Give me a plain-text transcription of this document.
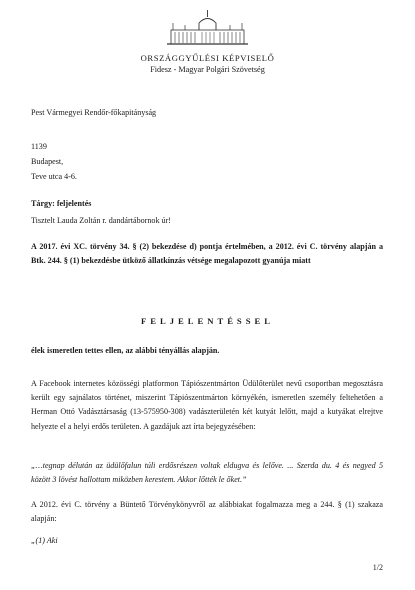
ORSZÁGGYŰLÉSI KÉPVISELŐ
Fidesz - Magyar Polgári Szövetség
Pest Vármegyei Rendőr-főkapitányság
1139
Budapest,
Teve utca 4-6.
Tárgy: feljelentés
Tisztelt Lauda Zoltán r. dandártábornok úr!
A 2017. évi XC. törvény 34. § (2) bekezdése d) pontja értelmében, a 2012. évi C. törvény alapján a Btk. 244. § (1) bekezdésbe ütköző állatkínzás vétsége megalapozott gyanúja miatt
FELJELENTÉSSEL
élek ismeretlen tettes ellen, az alábbi tényállás alapján.
A Facebook internetes közösségi platformon Tápiószentmárton Üdülőterület nevű csoportban megosztásra került egy sajnálatos történet, miszerint Tápiószentmárton környékén, ismeretlen személy feltehetően a Herman Ottó Vadásztársaság (13-575950-308) vadászterületén két kutyát lelőtt, majd a kutyákat elrejtve helyezte el a helyi erdős területen. A gazdájuk azt írta bejegyzésében:
„…tegnap délután az üdülőfalun túli erdősrészen voltak eldugva és lelőve. ... Szerda du. 4 és negyed 5 között 3 lövést hallottam miközben kerestem. Akkor lőtték le őket.”
A 2012. évi C. törvény a Büntető Törvénykönyvről az alábbiakat fogalmazza meg a 244. § (1) szakaza alapján:
„(1) Aki
1/2
